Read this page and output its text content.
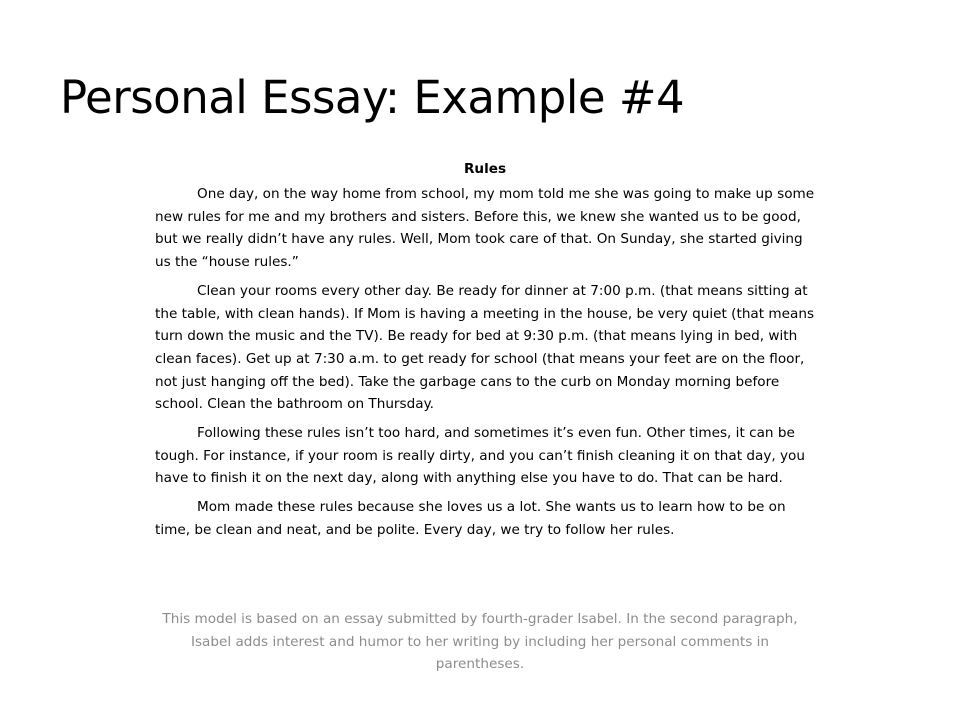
Personal Essay: Example #4

Rules

One day, on the way home from school, my mom told me she was going to make up some new rules for me and my brothers and sisters. Before this, we knew she wanted us to be good, but we really didn’t have any rules. Well, Mom took care of that. On Sunday, she started giving us the “house rules.”

Clean your rooms every other day. Be ready for dinner at 7:00 p.m. (that means sitting at the table, with clean hands). If Mom is having a meeting in the house, be very quiet (that means turn down the music and the TV). Be ready for bed at 9:30 p.m. (that means lying in bed, with clean faces). Get up at 7:30 a.m. to get ready for school (that means your feet are on the floor, not just hanging off the bed). Take the garbage cans to the curb on Monday morning before school. Clean the bathroom on Thursday.

Following these rules isn’t too hard, and sometimes it’s even fun. Other times, it can be tough. For instance, if your room is really dirty, and you can’t finish cleaning it on that day, you have to finish it on the next day, along with anything else you have to do. That can be hard.

Mom made these rules because she loves us a lot. She wants us to learn how to be on time, be clean and neat, and be polite. Every day, we try to follow her rules.

This model is based on an essay submitted by fourth-grader Isabel. In the second paragraph, Isabel adds interest and humor to her writing by including her personal comments in parentheses.
